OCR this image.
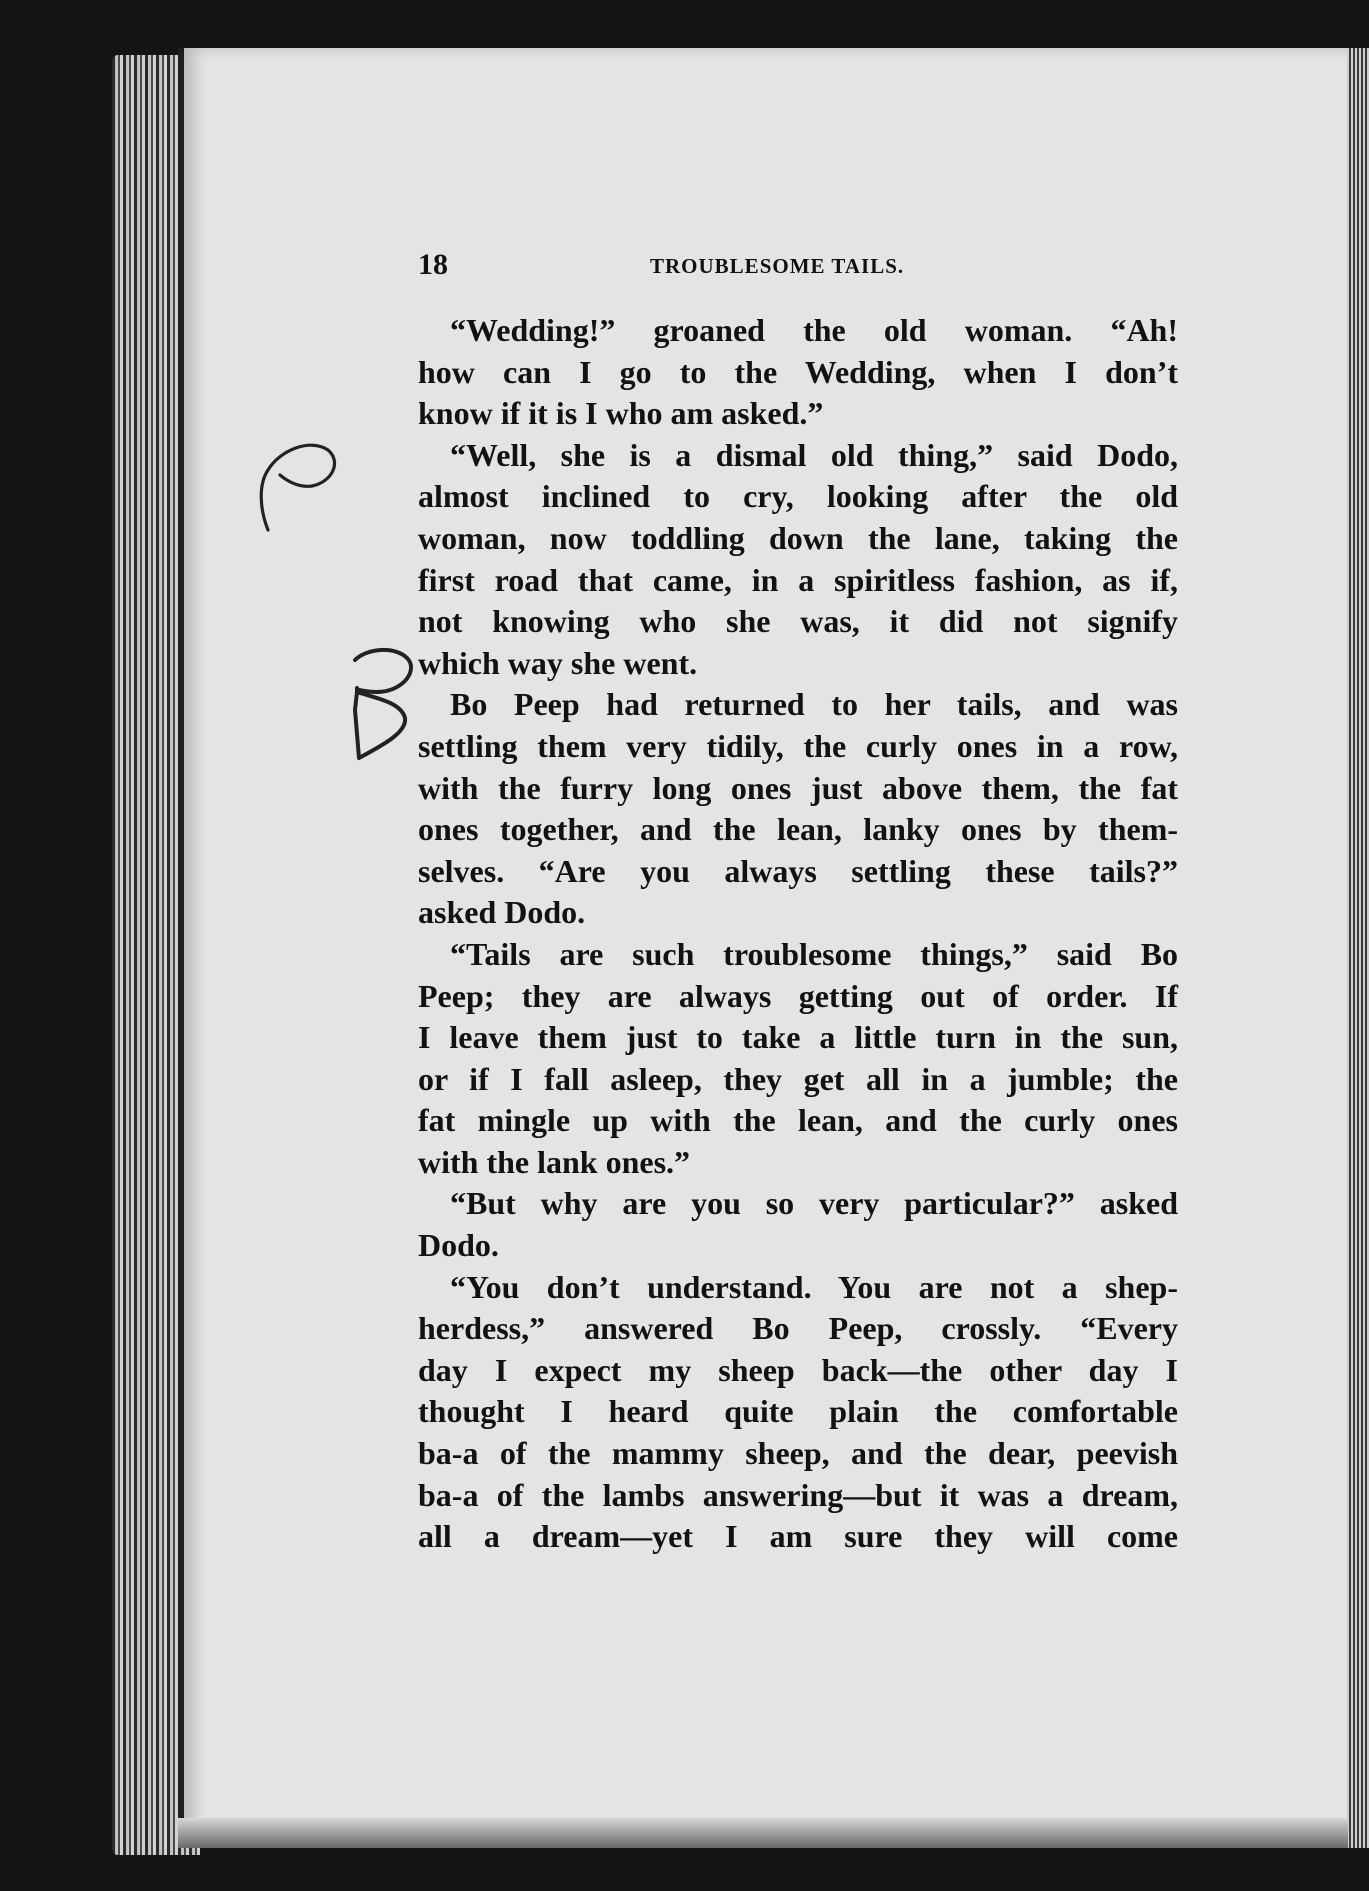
18	TROUBLESOME TAILS.
“Wedding!” groaned the old woman. “Ah!
how can I go to the Wedding, when I don’t
know if it is I who am asked.”
“Well, she is a dismal old thing,” said Dodo,
almost inclined to cry, looking after the old
woman, now toddling down the lane, taking the
first road that came, in a spiritless fashion, as if,
not knowing who she was, it did not signify
which way she went.
Bo Peep had returned to her tails, and was
settling them very tidily, the curly ones in a row,
with the furry long ones just above them, the fat
ones together, and the lean, lanky ones by them-
selves. “Are you always settling these tails?”
asked Dodo.
“Tails are such troublesome things,” said Bo
Peep; they are always getting out of order. If
I leave them just to take a little turn in the sun,
or if I fall asleep, they get all in a jumble; the
fat mingle up with the lean, and the curly ones
with the lank ones.”
“But why are you so very particular?” asked
Dodo.
“You don’t understand. You are not a shep-
herdess,” answered Bo Peep, crossly. “Every
day I expect my sheep back—the other day I
thought I heard quite plain the comfortable
ba-a of the mammy sheep, and the dear, peevish
ba-a of the lambs answering—but it was a dream,
all a dream—yet I am sure they will come
